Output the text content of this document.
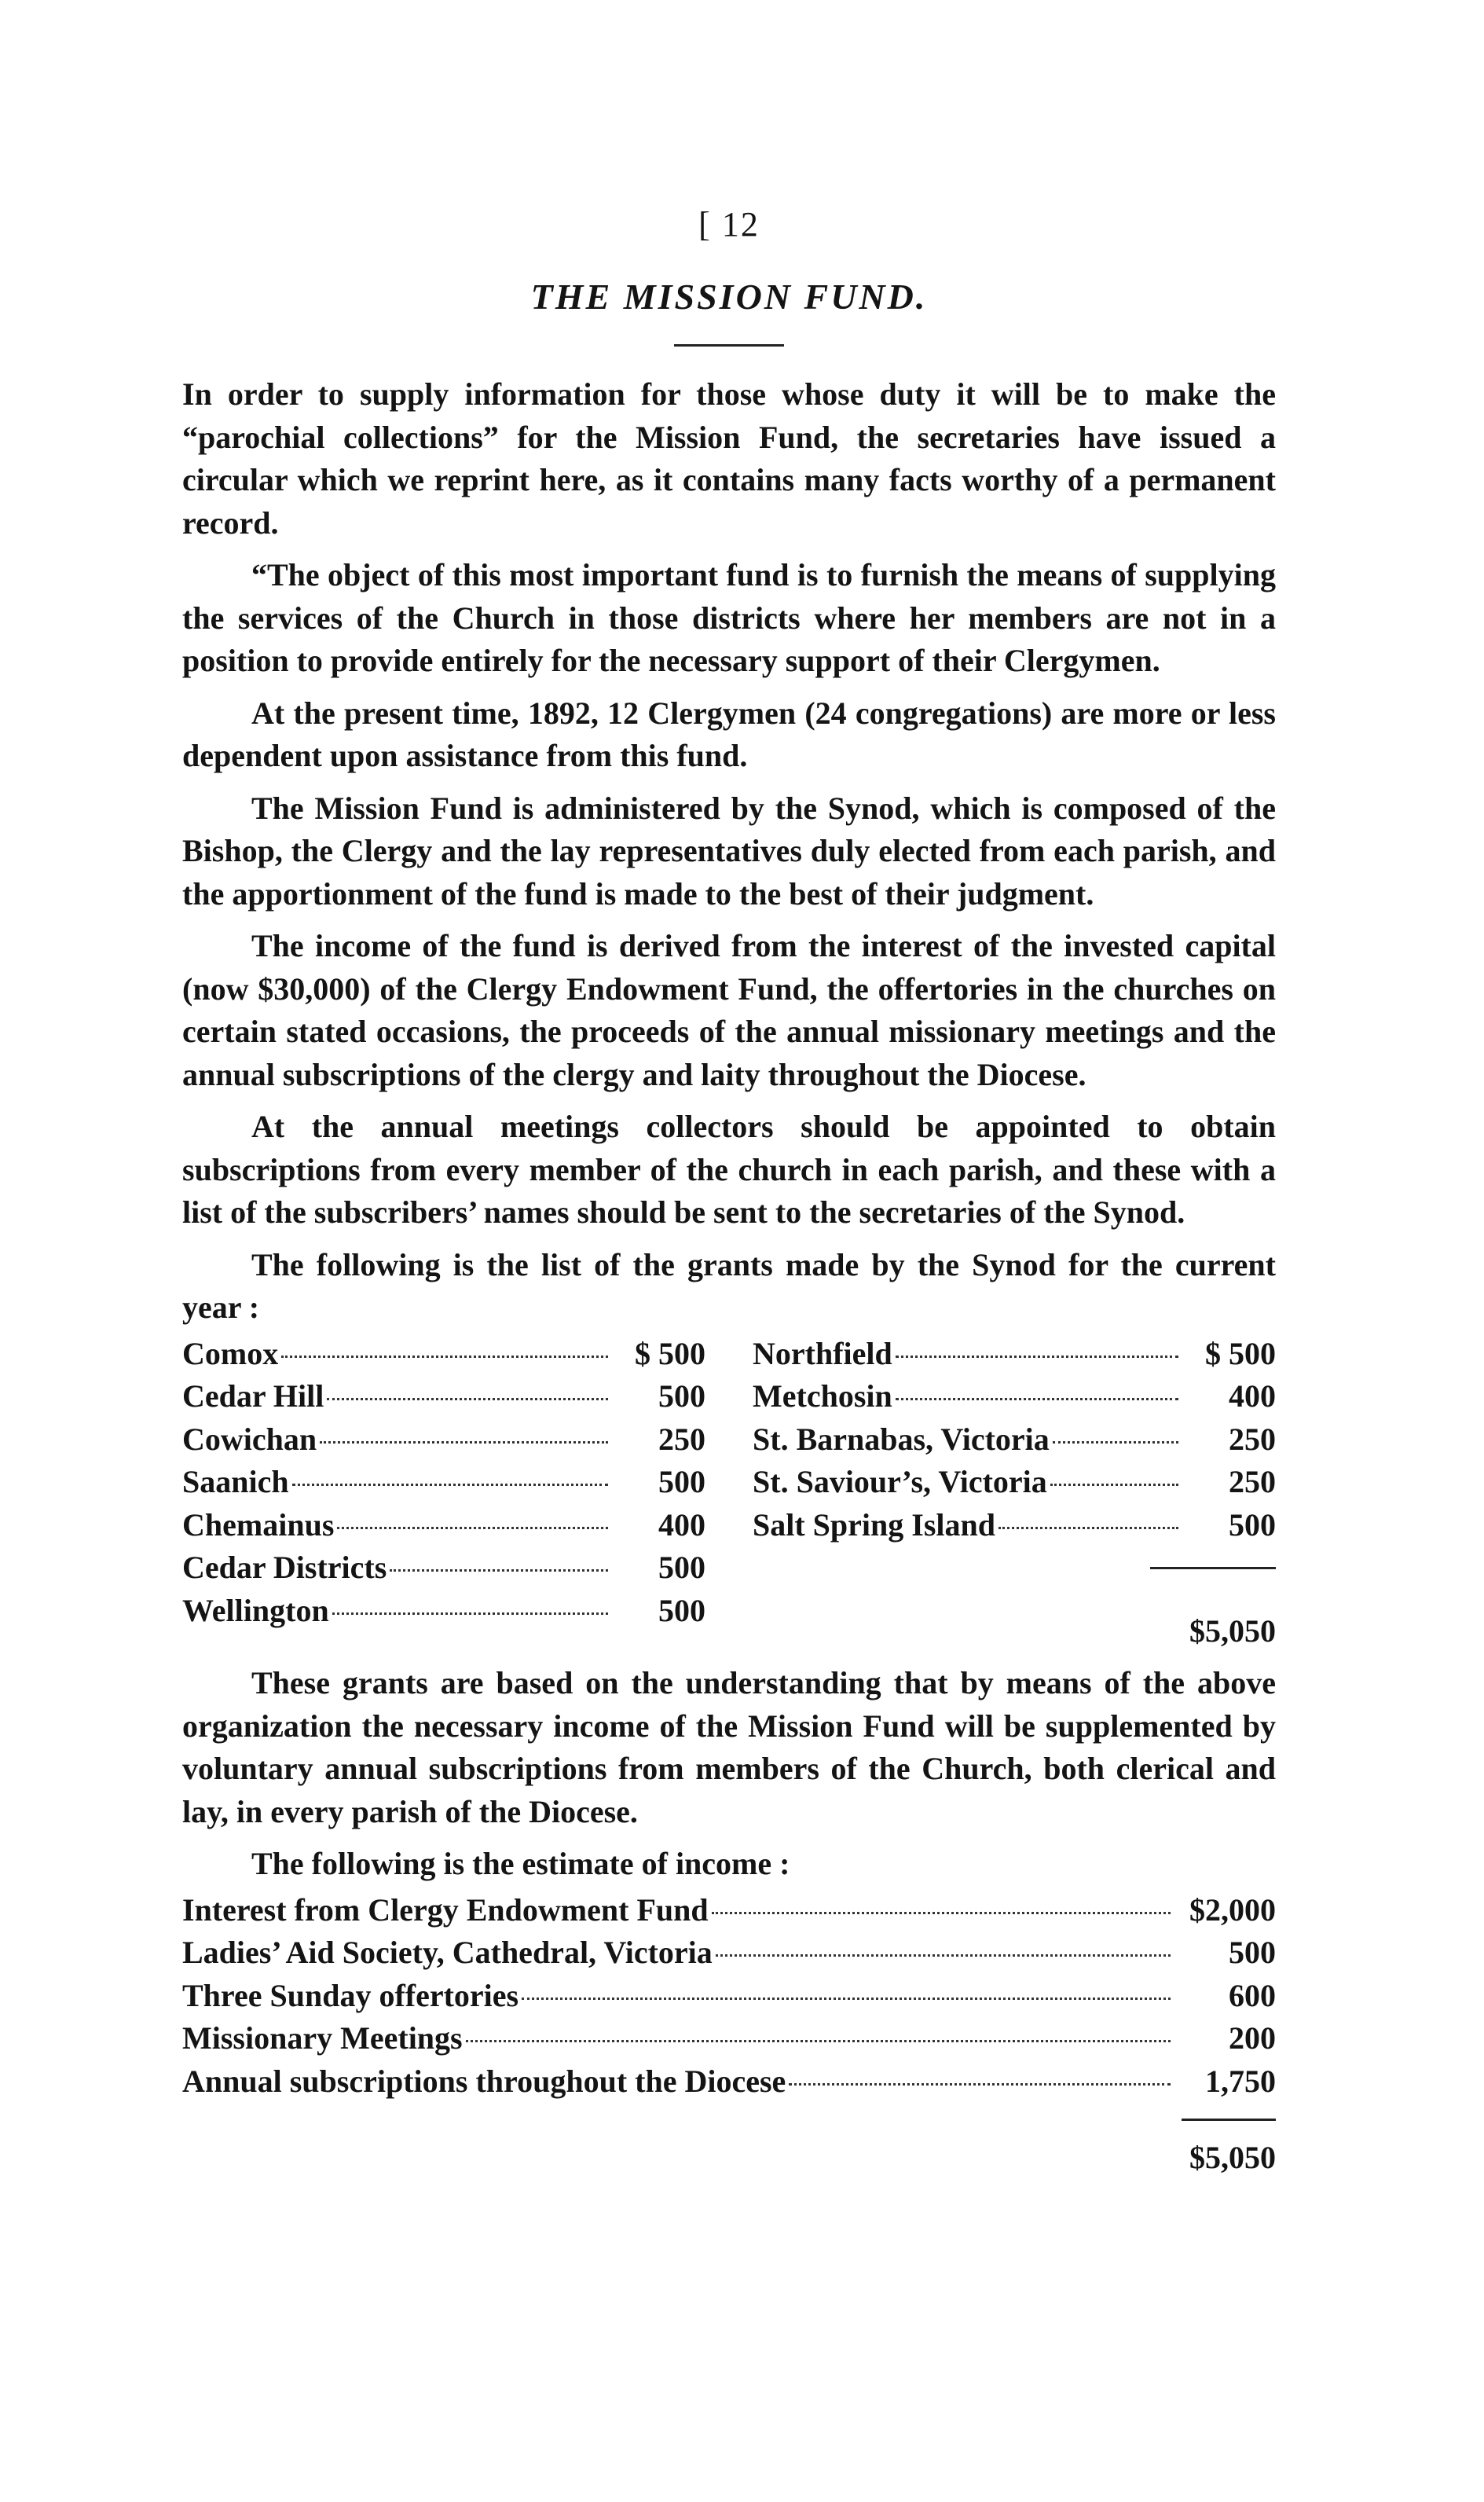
[ 12
THE MISSION FUND.

In order to supply information for those whose duty it will be to make the “parochial collections” for the Mission Fund, the secretaries have issued a circular which we reprint here, as it contains many facts worthy of a permanent record.

“The object of this most important fund is to furnish the means of supplying the services of the Church in those districts where her members are not in a position to provide entirely for the necessary support of their Clergymen.

At the present time, 1892, 12 Clergymen (24 congregations) are more or less dependent upon assistance from this fund.

The Mission Fund is administered by the Synod, which is composed of the Bishop, the Clergy and the lay representatives duly elected from each parish, and the apportionment of the fund is made to the best of their judgment.

The income of the fund is derived from the interest of the invested capital (now $30,000) of the Clergy Endowment Fund, the offertories in the churches on certain stated occasions, the proceeds of the annual missionary meetings and the annual subscriptions of the clergy and laity throughout the Diocese.

At the annual meetings collectors should be appointed to obtain subscriptions from every member of the church in each parish, and these with a list of the subscribers’ names should be sent to the secretaries of the Synod.

The following is the list of the grants made by the Synod for the current year :

Comox	$ 500
Cedar Hill	500
Cowichan	250
Saanich	500
Chemainus	400
Cedar Districts	500
Wellington	500
Northfield	$ 500
Metchosin	400
St. Barnabas, Victoria	250
St. Saviour’s, Victoria	250
Salt Spring Island	500
$5,050

These grants are based on the understanding that by means of the above organization the necessary income of the Mission Fund will be supplemented by voluntary annual subscriptions from members of the Church, both clerical and lay, in every parish of the Diocese.

The following is the estimate of income :

Interest from Clergy Endowment Fund	$2,000
Ladies’ Aid Society, Cathedral, Victoria	500
Three Sunday offertories	600
Missionary Meetings	200
Annual subscriptions throughout the Diocese	1,750
$5,050
